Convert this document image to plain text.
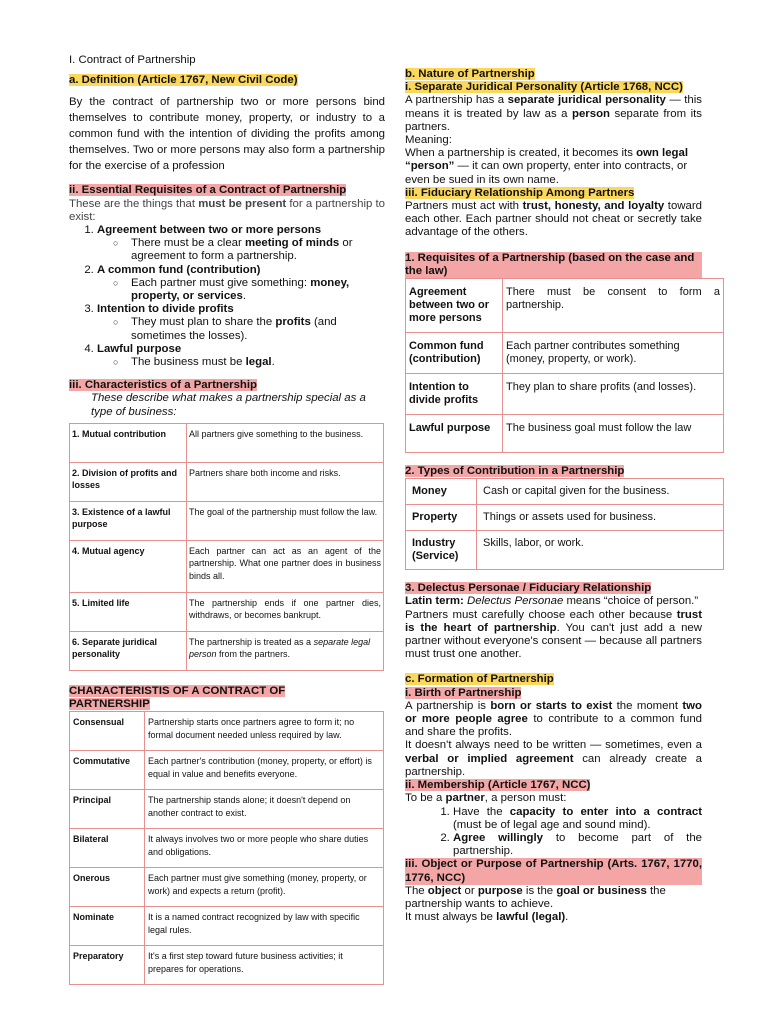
I. Contract of Partnership

a. Definition (Article 1767, New Civil Code)

By the contract of partnership two or more persons bind themselves to contribute money, property, or industry to a common fund with the intention of dividing the profits among themselves. Two or more persons may also form a partnership for the exercise of a profession

ii. Essential Requisites of a Contract of Partnership

These are the things that must be present for a partnership to exist:

1. Agreement between two or more persons
○ There must be a clear meeting of minds or agreement to form a partnership.
2. A common fund (contribution)
○ Each partner must give something: money, property, or services.
3. Intention to divide profits
○ They must plan to share the profits (and sometimes the losses).
4. Lawful purpose
○ The business must be legal.
iii. Characteristics of a Partnership

These describe what makes a partnership special as a type of business:

1. Mutual contribution	All partners give something to the business.
2. Division of profits and losses	Partners share both income and risks.
3. Existence of a lawful purpose	The goal of the partnership must follow the law.
4. Mutual agency	Each partner can act as an agent of the partnership. What one partner does in business binds all.
5. Limited life	The partnership ends if one partner dies, withdraws, or becomes bankrupt.
6. Separate juridical personality	The partnership is treated as a separate legal person from the partners.
CHARACTERISTIS OF A CONTRACT OF
PARTNERSHIP
Consensual	Partnership starts once partners agree to form it; no formal document needed unless required by law.
Commutative	Each partner's contribution (money, property, or effort) is equal in value and benefits everyone.
Principal	The partnership stands alone; it doesn't depend on another contract to exist.
Bilateral	It always involves two or more people who share duties and obligations.
Onerous	Each partner must give something (money, property, or work) and expects a return (profit).
Nominate	It is a named contract recognized by law with specific legal rules.
Preparatory	It's a first step toward future business activities; it prepares for operations.
b. Nature of Partnership
i. Separate Juridical Personality (Article 1768, NCC)

A partnership has a separate juridical personality — this means it is treated by law as a person separate from its partners.

Meaning:

When a partnership is created, it becomes its own legal “person” — it can own property, enter into contracts, or even be sued in its own name.

iii. Fiduciary Relationship Among Partners

Partners must act with trust, honesty, and loyalty toward each other. Each partner should not cheat or secretly take advantage of the others.

1. Requisites of a Partnership (based on the case and the law)
Agreement between two or more persons	There must be consent to form a partnership.
Common fund (contribution)	Each partner contributes something (money, property, or work).
Intention to divide profits	They plan to share profits (and losses).
Lawful purpose	The business goal must follow the law
2. Types of Contribution in a Partnership
Money	Cash or capital given for the business.
Property	Things or assets used for business.
Industry (Service)	Skills, labor, or work.
3. Delectus Personae / Fiduciary Relationship

Latin term: Delectus Personae means “choice of person.”

Partners must carefully choose each other because trust is the heart of partnership. You can't just add a new partner without everyone's consent — because all partners must trust one another.

c. Formation of Partnership
i. Birth of Partnership

A partnership is born or starts to exist the moment two or more people agree to contribute to a common fund and share the profits.

It doesn't always need to be written — sometimes, even a verbal or implied agreement can already create a partnership.

ii. Membership (Article 1767, NCC)

To be a partner, a person must:

1. Have the capacity to enter into a contract (must be of legal age and sound mind).
2. Agree willingly to become part of the partnership.
iii. Object or Purpose of Partnership (Arts. 1767, 1770, 1776, NCC)

The object or purpose is the goal or business the partnership wants to achieve.

It must always be lawful (legal).
